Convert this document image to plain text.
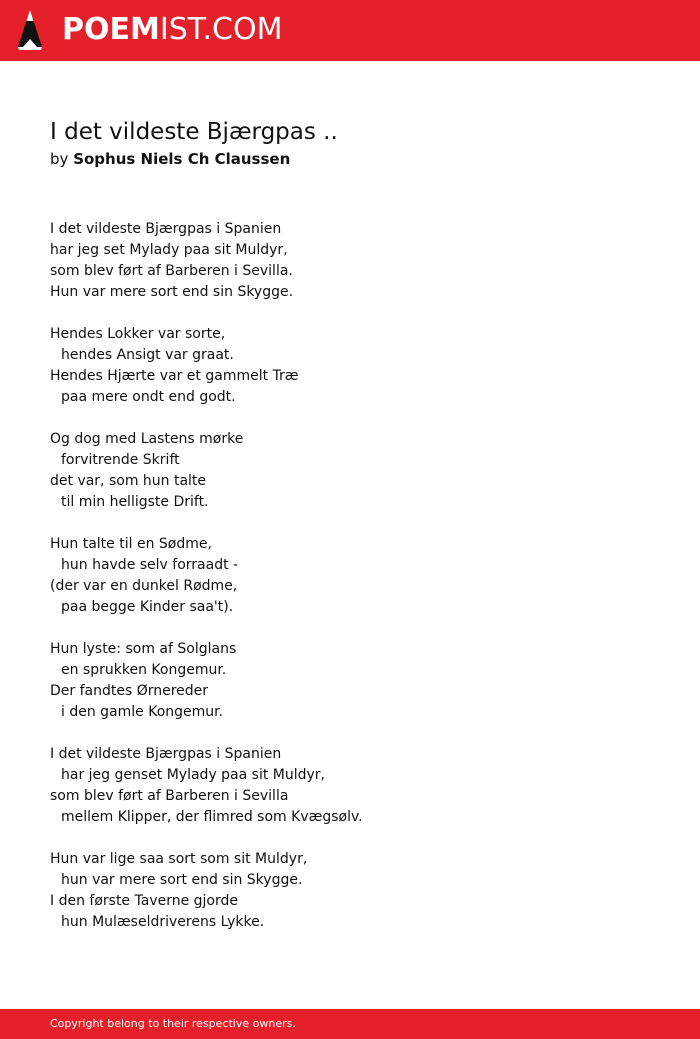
POEMIST.COM
I det vildeste Bjærgpas ..
by Sophus Niels Ch Claussen
I det vildeste Bjærgpas i Spanien
har jeg set Mylady paa sit Muldyr,
som blev ført af Barberen i Sevilla.
Hun var mere sort end sin Skygge.
Hendes Lokker var sorte,
hendes Ansigt var graat.
Hendes Hjærte var et gammelt Træ
paa mere ondt end godt.
Og dog med Lastens mørke
forvitrende Skrift
det var, som hun talte
til min helligste Drift.
Hun talte til en Sødme,
hun havde selv forraadt -
(der var en dunkel Rødme,
paa begge Kinder saa't).
Hun lyste: som af Solglans
en sprukken Kongemur.
Der fandtes Ørnereder
i den gamle Kongemur.
I det vildeste Bjærgpas i Spanien
har jeg genset Mylady paa sit Muldyr,
som blev ført af Barberen i Sevilla
mellem Klipper, der flimred som Kvægsølv.
Hun var lige saa sort som sit Muldyr,
hun var mere sort end sin Skygge.
I den første Taverne gjorde
hun Mulæseldriverens Lykke.
Copyright belong to their respective owners.
